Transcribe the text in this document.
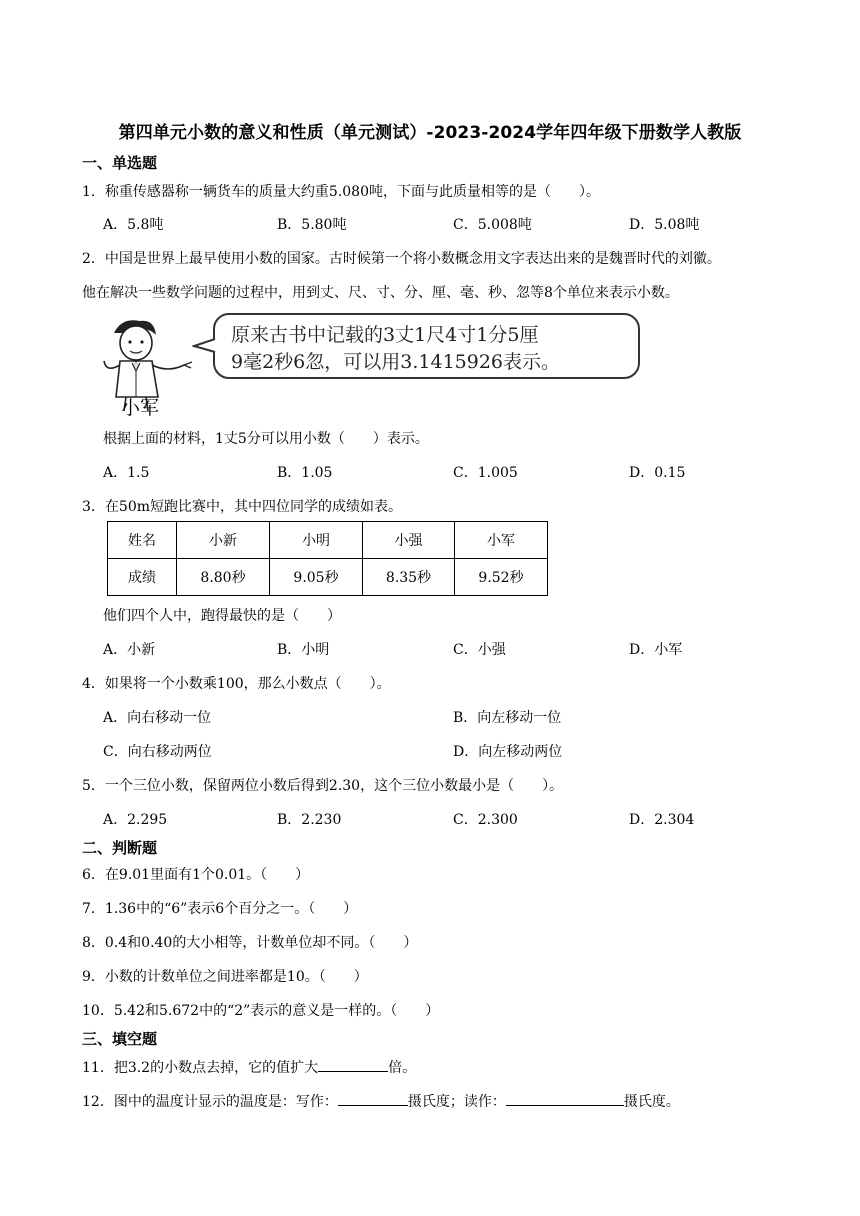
第四单元小数的意义和性质（单元测试）-2023-2024学年四年级下册数学人教版
一、单选题
1．称重传感器称一辆货车的质量大约重5.080吨，下面与此质量相等的是（　　）。
A．5.8吨	B．5.80吨	C．5.008吨	D．5.08吨
2．中国是世界上最早使用小数的国家。古时候第一个将小数概念用文字表达出来的是魏晋时代的刘徽。
他在解决一些数学问题的过程中，用到丈、尺、寸、分、厘、毫、秒、忽等8个单位来表示小数。
小军
原来古书中记载的3丈1尺4寸1分5厘
9毫2秒6忽，可以用3.1415926表示。
根据上面的材料，1丈5分可以用小数（　　）表示。
A．1.5	B．1.05	C．1.005	D．0.15
3．在50m短跑比赛中，其中四位同学的成绩如表。
姓名	小新	小明	小强	小军
成绩	8.80秒	9.05秒	8.35秒	9.52秒
他们四个人中，跑得最快的是（　　）
A．小新	B．小明	C．小强	D．小军
4．如果将一个小数乘100，那么小数点（　　）。
A．向右移动一位	B．向左移动一位
C．向右移动两位	D．向左移动两位
5．一个三位小数，保留两位小数后得到2.30，这个三位小数最小是（　　）。
A．2.295	B．2.230	C．2.300	D．2.304
二、判断题
6．在9.01里面有1个0.01。（　　）
7．1.36中的“6”表示6个百分之一。（　　）
8．0.4和0.40的大小相等，计数单位却不同。（　　）
9．小数的计数单位之间进率都是10。（　　）
10．5.42和5.672中的“2”表示的意义是一样的。（　　）
三、填空题
11．把3.2的小数点去掉，它的值扩大	倍。
12．图中的温度计显示的温度是：写作：	摄氏度；读作：	摄氏度。
